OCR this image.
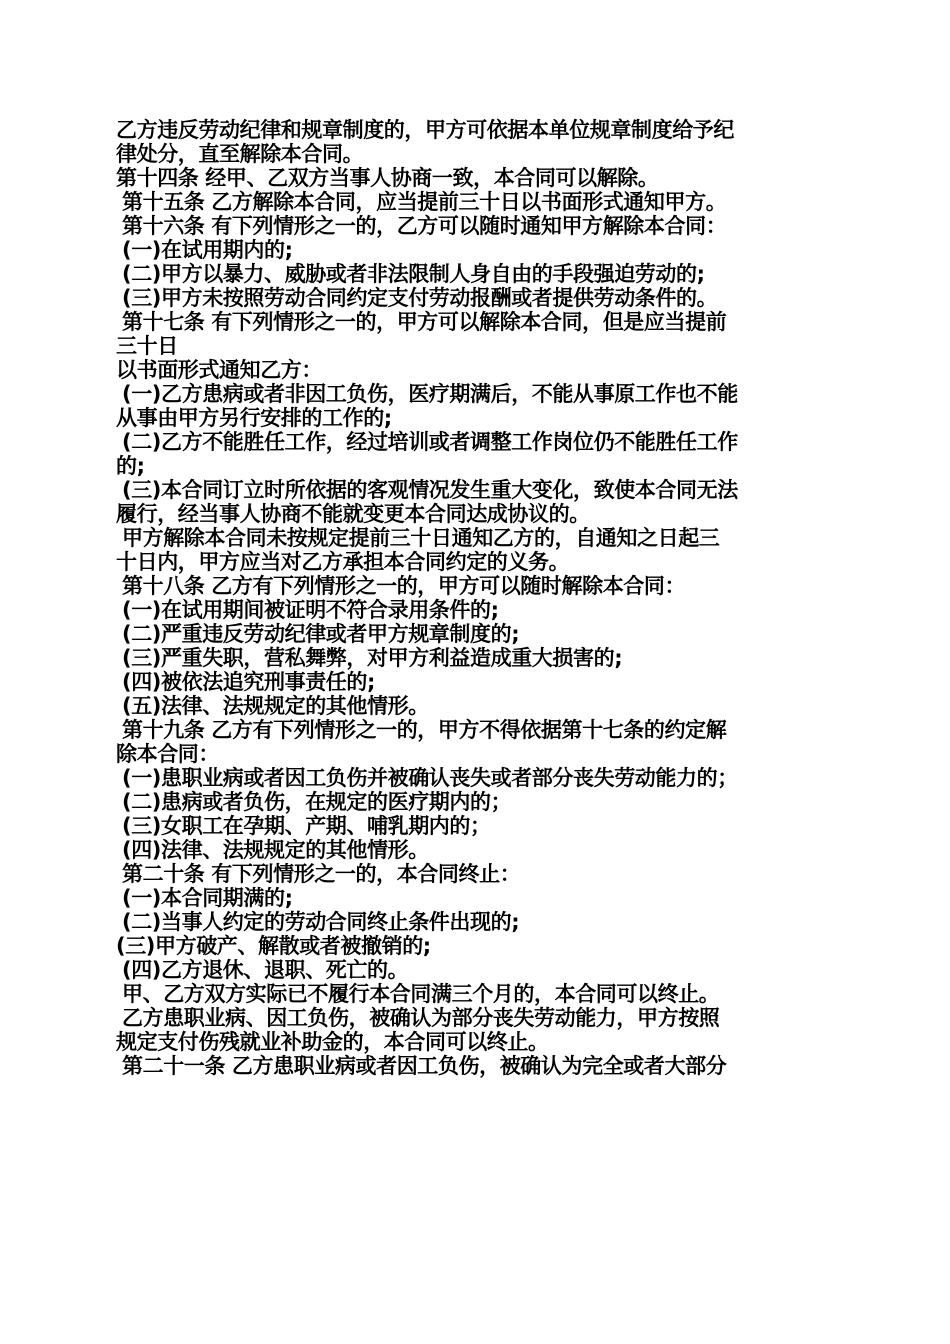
乙方违反劳动纪律和规章制度的，甲方可依据本单位规章制度给予纪

律处分，直至解除本合同。

第十四条 经甲、乙双方当事人协商一致，本合同可以解除。

第十五条 乙方解除本合同，应当提前三十日以书面形式通知甲方。

第十六条 有下列情形之一的，乙方可以随时通知甲方解除本合同：

(一)在试用期内的;

(二)甲方以暴力、威胁或者非法限制人身自由的手段强迫劳动的;

(三)甲方未按照劳动合同约定支付劳动报酬或者提供劳动条件的。

第十七条 有下列情形之一的，甲方可以解除本合同，但是应当提前

三十日

以书面形式通知乙方：

(一)乙方患病或者非因工负伤，医疗期满后，不能从事原工作也不能

从事由甲方另行安排的工作的;

(二)乙方不能胜任工作，经过培训或者调整工作岗位仍不能胜任工作

的;

(三)本合同订立时所依据的客观情况发生重大变化，致使本合同无法

履行，经当事人协商不能就变更本合同达成协议的。

甲方解除本合同未按规定提前三十日通知乙方的，自通知之日起三

十日内，甲方应当对乙方承担本合同约定的义务。

第十八条 乙方有下列情形之一的，甲方可以随时解除本合同：

(一)在试用期间被证明不符合录用条件的;

(二)严重违反劳动纪律或者甲方规章制度的;

(三)严重失职，营私舞弊，对甲方利益造成重大损害的;

(四)被依法追究刑事责任的;

(五)法律、法规规定的其他情形。

第十九条 乙方有下列情形之一的，甲方不得依据第十七条的约定解

除本合同：

(一)患职业病或者因工负伤并被确认丧失或者部分丧失劳动能力的；

(二)患病或者负伤，在规定的医疗期内的；

(三)女职工在孕期、产期、哺乳期内的；

(四)法律、法规规定的其他情形。

第二十条 有下列情形之一的，本合同终止：

(一)本合同期满的;

(二)当事人约定的劳动合同终止条件出现的;

(三)甲方破产、解散或者被撤销的;

(四)乙方退休、退职、死亡的。

甲、乙方双方实际已不履行本合同满三个月的，本合同可以终止。

乙方患职业病、因工负伤，被确认为部分丧失劳动能力，甲方按照

规定支付伤残就业补助金的，本合同可以终止。

第二十一条 乙方患职业病或者因工负伤，被确认为完全或者大部分
